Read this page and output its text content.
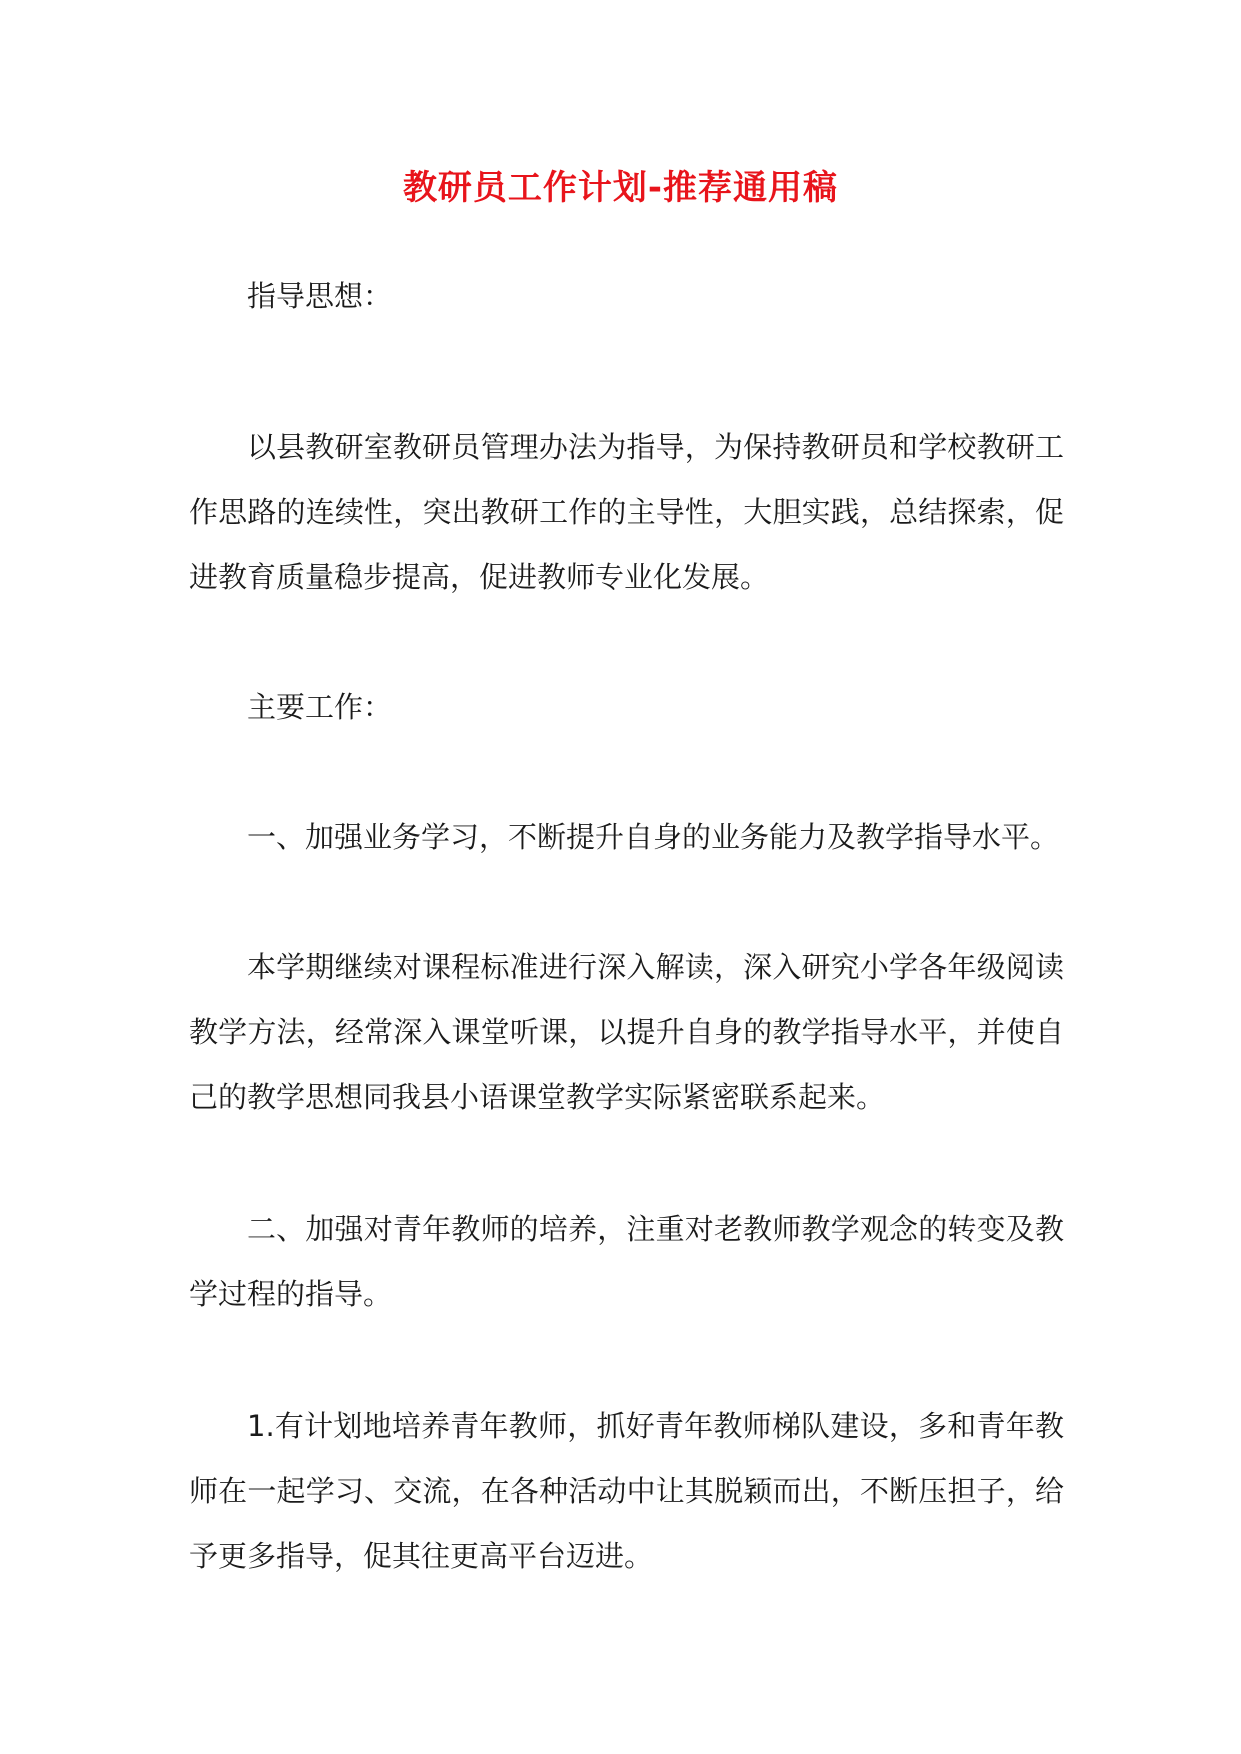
教研员工作计划-推荐通用稿

指导思想：

以县教研室教研员管理办法为指导，为保持教研员和学校教研工作思路的连续性，突出教研工作的主导性，大胆实践，总结探索，促进教育质量稳步提高，促进教师专业化发展。

主要工作：

一、加强业务学习，不断提升自身的业务能力及教学指导水平。

本学期继续对课程标准进行深入解读，深入研究小学各年级阅读教学方法，经常深入课堂听课，以提升自身的教学指导水平，并使自己的教学思想同我县小语课堂教学实际紧密联系起来。

二、加强对青年教师的培养，注重对老教师教学观念的转变及教学过程的指导。

1.有计划地培养青年教师，抓好青年教师梯队建设，多和青年教师在一起学习、交流，在各种活动中让其脱颖而出，不断压担子，给予更多指导，促其往更高平台迈进。
